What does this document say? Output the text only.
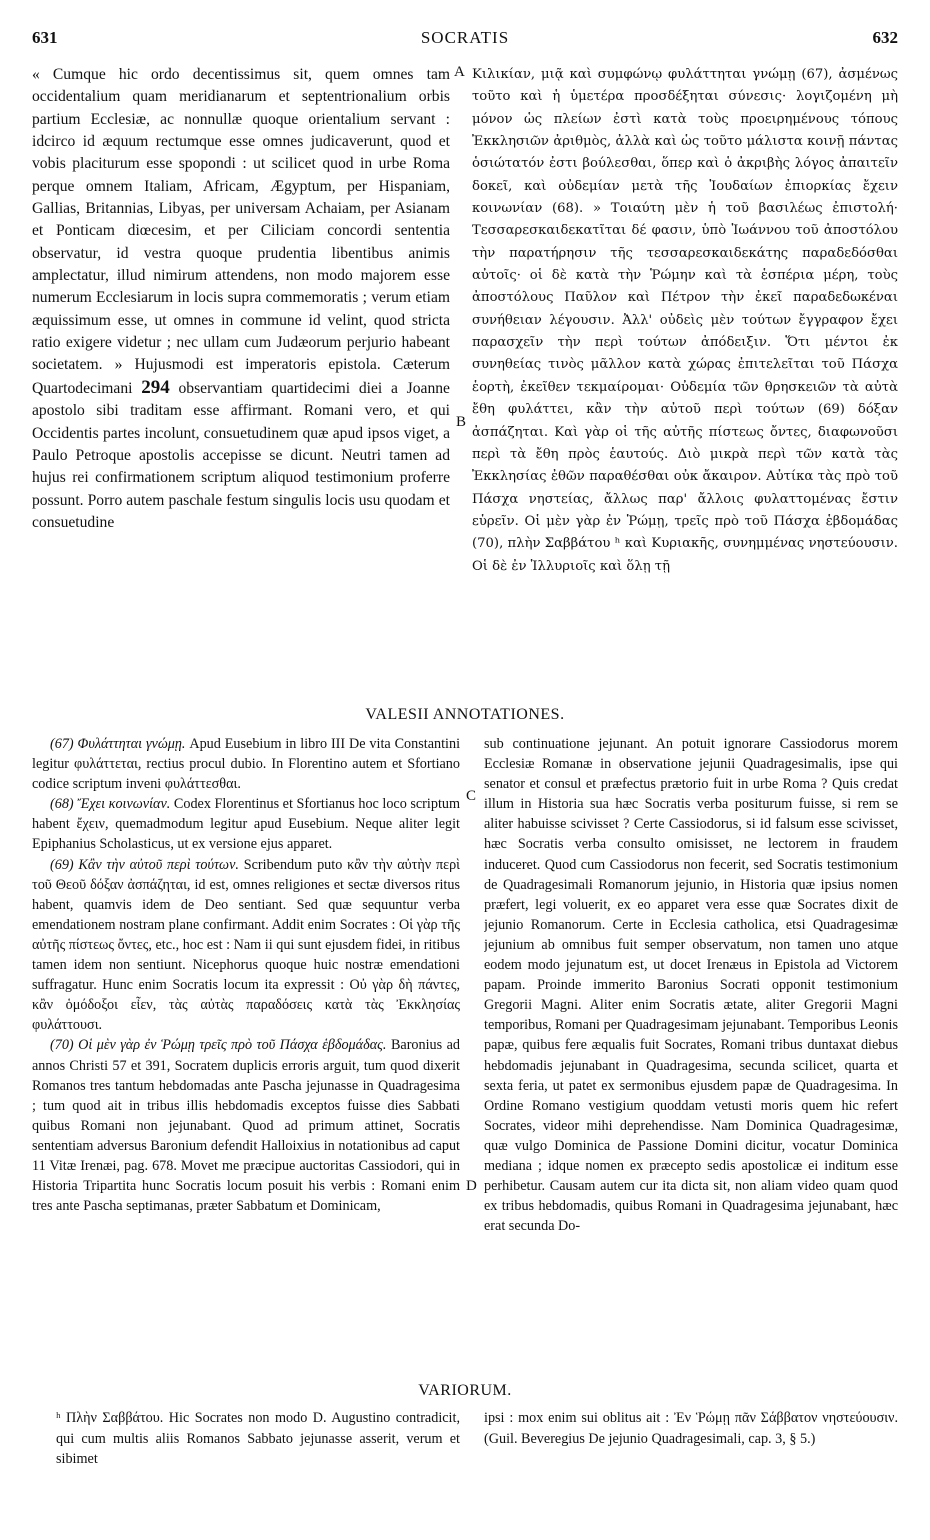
631	SOCRATIS	632
« Cumque hic ordo decentissimus sit, quem omnes tam occidentalium quam meridianarum et septentrionalium orbis partium Ecclesiæ, ac nonnullæ quoque orientalium servant : idcirco id æquum rectumque esse omnes judicaverunt, quod et vobis placiturum esse spopondi : ut scilicet quod in urbe Roma perque omnem Italiam, Africam, Ægyptum, per Hispaniam, Gallias, Britannias, Libyas, per universam Achaiam, per Asianam et Ponticam diœcesim, et per Ciliciam concordi sententia observatur, id vestra quoque prudentia libentibus animis amplectatur, illud nimirum attendens, non modo majorem esse numerum Ecclesiarum in locis supra commemoratis ; verum etiam æquissimum esse, ut omnes in commune id velint, quod stricta ratio exigere videtur ; nec ullam cum Judæorum perjurio habeant societatem. » Hujusmodi est imperatoris epistola. Cæterum Quartodecimani 294 observantiam quartidecimi diei a Joanne apostolo sibi traditam esse affirmant. Romani vero, et qui Occidentis partes incolunt, consuetudinem quæ apud ipsos viget, a Paulo Petroque apostolis accepisse se dicunt. Neutri tamen ad hujus rei confirmationem scriptum aliquod testimonium proferre possunt. Porro autem paschale festum singulis locis usu quodam et consuetudine
A
B
Κιλικίαν, μιᾷ καὶ συμφώνῳ φυλάττηται γνώμῃ (67), ἀσμένως τοῦτο καὶ ἡ ὑμετέρα προσδέξηται σύνεσις· λογιζομένη μὴ μόνον ὡς πλείων ἐστὶ κατὰ τοὺς προειρημένους τόπους Ἐκκλησιῶν ἀριθμὸς, ἀλλὰ καὶ ὡς τοῦτο μάλιστα κοινῇ πάντας ὁσιώτατόν ἐστι βούλεσθαι, ὅπερ καὶ ὁ ἀκριβὴς λόγος ἀπαιτεῖν δοκεῖ, καὶ οὐδεμίαν μετὰ τῆς Ἰουδαίων ἐπιορκίας ἔχειν κοινωνίαν (68). » Τοιαύτη μὲν ἡ τοῦ βασιλέως ἐπιστολή· Τεσσαρεσκαιδεκατῖται δέ φασιν, ὑπὸ Ἰωάννου τοῦ ἀποστόλου τὴν παρατήρησιν τῆς τεσσαρεσκαιδεκάτης παραδεδόσθαι αὐτοῖς· οἱ δὲ κατὰ τὴν Ῥώμην καὶ τὰ ἑσπέρια μέρη, τοὺς ἀποστόλους Παῦλον καὶ Πέτρον τὴν ἐκεῖ παραδεδωκέναι συνήθειαν λέγουσιν. Ἀλλ' οὐδεὶς μὲν τούτων ἔγγραφον ἔχει παρασχεῖν τὴν περὶ τούτων ἀπόδειξιν. Ὅτι μέντοι ἐκ συνηθείας τινὸς μᾶλλον κατὰ χώρας ἐπιτελεῖται τοῦ Πάσχα ἑορτὴ, ἐκεῖθεν τεκμαίρομαι· Οὐδεμία τῶν θρησκειῶν τὰ αὐτὰ ἔθη φυλάττει, κἂν τὴν αὐτοῦ περὶ τούτων (69) δόξαν ἀσπάζηται. Καὶ γὰρ οἱ τῆς αὐτῆς πίστεως ὄντες, διαφωνοῦσι περὶ τὰ ἔθη πρὸς ἑαυτούς. Διὸ μικρὰ περὶ τῶν κατὰ τὰς Ἐκκλησίας ἐθῶν παραθέσθαι οὐκ ἄκαιρον. Αὐτίκα τὰς πρὸ τοῦ Πάσχα νηστείας, ἄλλως παρ' ἄλλοις φυλαττομένας ἔστιν εὑρεῖν. Οἱ μὲν γὰρ ἐν Ῥώμῃ, τρεῖς πρὸ τοῦ Πάσχα ἑβδομάδας (70), πλὴν Σαββάτου ʰ καὶ Κυριακῆς, συνημμένας νηστεύουσιν. Οἱ δὲ ἐν Ἰλλυριοῖς καὶ ὅλῃ τῇ
VALESII ANNOTATIONES.
C
D

(67) Φυλάττηται γνώμῃ. Apud Eusebium in libro III De vita Constantini legitur φυλάττεται, rectius procul dubio. In Florentino autem et Sfortiano codice scriptum inveni φυλάττεσθαι.

(68) Ἔχει κοινωνίαν. Codex Florentinus et Sfortianus hoc loco scriptum habent ἔχειν, quemadmodum legitur apud Eusebium. Neque aliter legit Epiphanius Scholasticus, ut ex versione ejus apparet.

(69) Κἂν τὴν αὐτοῦ περὶ τούτων. Scribendum puto κἂν τὴν αὐτὴν περὶ τοῦ Θεοῦ δόξαν ἀσπάζηται, id est, omnes religiones et sectæ diversos ritus habent, quamvis idem de Deo sentiant. Sed quæ sequuntur verba emendationem nostram plane confirmant. Addit enim Socrates : Οἱ γὰρ τῆς αὐτῆς πίστεως ὄντες, etc., hoc est : Nam ii qui sunt ejusdem fidei, in ritibus tamen idem non sentiunt. Nicephorus quoque huic nostræ emendationi suffragatur. Hunc enim Socratis locum ita expressit : Οὐ γὰρ δὴ πάντες, κἂν ὁμόδοξοι εἶεν, τὰς αὐτὰς παραδόσεις κατὰ τὰς Ἐκκλησίας φυλάττουσι.

(70) Οἱ μὲν γὰρ ἐν Ῥώμῃ τρεῖς πρὸ τοῦ Πάσχα ἑβδομάδας. Baronius ad annos Christi 57 et 391, Socratem duplicis erroris arguit, tum quod dixerit Romanos tres tantum hebdomadas ante Pascha jejunasse in Quadragesima ; tum quod ait in tribus illis hebdomadis exceptos fuisse dies Sabbati quibus Romani non jejunabant. Quod ad primum attinet, Socratis sententiam adversus Baronium defendit Halloixius in notationibus ad caput 11 Vitæ Irenæi, pag. 678. Movet me præcipue auctoritas Cassiodori, qui in Historia Tripartita hunc Socratis locum posuit his verbis : Romani enim tres ante Pascha septimanas, præter Sabbatum et Dominicam,

sub continuatione jejunant. An potuit ignorare Cassiodorus morem Ecclesiæ Romanæ in observatione jejunii Quadragesimalis, ipse qui senator et consul et præfectus prætorio fuit in urbe Roma ? Quis credat illum in Historia sua hæc Socratis verba positurum fuisse, si rem se aliter habuisse scivisset ? Certe Cassiodorus, si id falsum esse scivisset, hæc Socratis verba consulto omisisset, ne lectorem in fraudem induceret. Quod cum Cassiodorus non fecerit, sed Socratis testimonium de Quadragesimali Romanorum jejunio, in Historia quæ ipsius nomen præfert, legi voluerit, ex eo apparet vera esse quæ Socrates dixit de jejunio Romanorum. Certe in Ecclesia catholica, etsi Quadragesimæ jejunium ab omnibus fuit semper observatum, non tamen uno atque eodem modo jejunatum est, ut docet Irenæus in Epistola ad Victorem papam. Proinde immerito Baronius Socrati opponit testimonium Gregorii Magni. Aliter enim Socratis ætate, aliter Gregorii Magni temporibus, Romani per Quadragesimam jejunabant. Temporibus Leonis papæ, quibus fere æqualis fuit Socrates, Romani tribus duntaxat diebus hebdomadis jejunabant in Quadragesima, secunda scilicet, quarta et sexta feria, ut patet ex sermonibus ejusdem papæ de Quadragesima. In Ordine Romano vestigium quoddam vetusti moris quem hic refert Socrates, videor mihi deprehendisse. Nam Dominica Quadragesimæ, quæ vulgo Dominica de Passione Domini dicitur, vocatur Dominica mediana ; idque nomen ex præcepto sedis apostolicæ ei inditum esse perhibetur. Causam autem cur ita dicta sit, non aliam video quam quod ex tribus hebdomadis, quibus Romani in Quadragesima jejunabant, hæc erat secunda Do-
VARIORUM.
ʰ Πλὴν Σαββάτου. Hic Socrates non modo D. Augustino contradicit, qui cum multis aliis Romanos Sabbato jejunasse asserit, verum et sibimet
ipsi : mox enim sui oblitus ait : Ἐν Ῥώμῃ πᾶν Σάββατον νηστεύουσιν. (Guil. Beveregius De jejunio Quadragesimali, cap. 3, § 5.)
